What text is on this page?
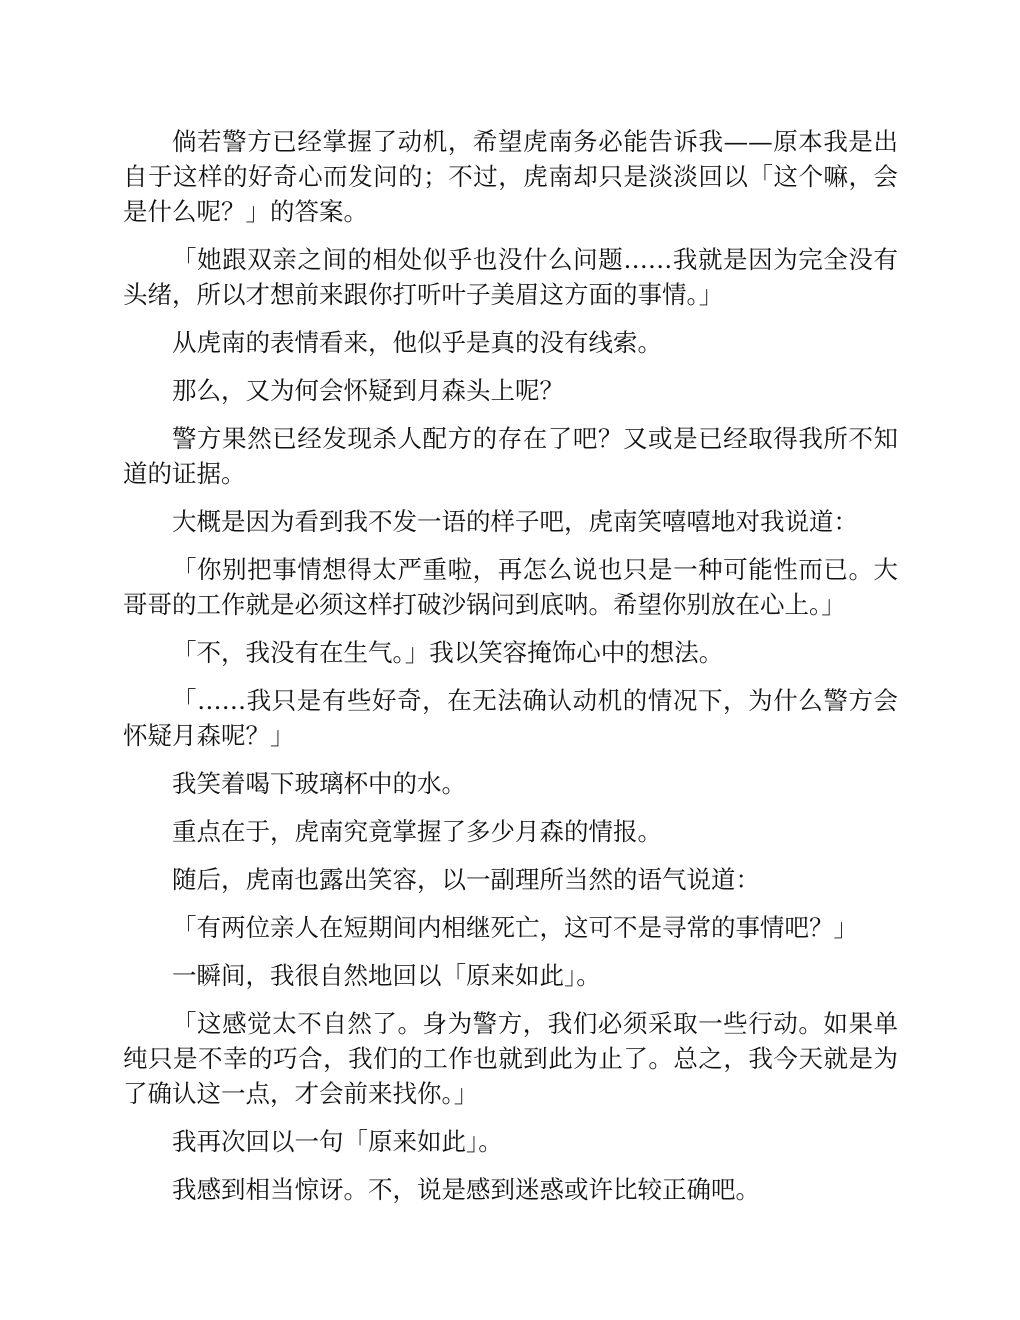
倘若警方已经掌握了动机，希望虎南务必能告诉我——原本我是出自于这样的好奇心而发问的；不过，虎南却只是淡淡回以「这个嘛，会是什么呢？」的答案。

「她跟双亲之间的相处似乎也没什么问题……我就是因为完全没有头绪，所以才想前来跟你打听叶子美眉这方面的事情。」

从虎南的表情看来，他似乎是真的没有线索。

那么，又为何会怀疑到月森头上呢？

警方果然已经发现杀人配方的存在了吧？又或是已经取得我所不知道的证据。

大概是因为看到我不发一语的样子吧，虎南笑嘻嘻地对我说道：

「你别把事情想得太严重啦，再怎么说也只是一种可能性而已。大哥哥的工作就是必须这样打破沙锅问到底呐。希望你别放在心上。」

「不，我没有在生气。」我以笑容掩饰心中的想法。

「……我只是有些好奇，在无法确认动机的情况下，为什么警方会怀疑月森呢？」

我笑着喝下玻璃杯中的水。

重点在于，虎南究竟掌握了多少月森的情报。

随后，虎南也露出笑容，以一副理所当然的语气说道：

「有两位亲人在短期间内相继死亡，这可不是寻常的事情吧？」

一瞬间，我很自然地回以「原来如此」。

「这感觉太不自然了。身为警方，我们必须采取一些行动。如果单纯只是不幸的巧合，我们的工作也就到此为止了。总之，我今天就是为了确认这一点，才会前来找你。」

我再次回以一句「原来如此」。

我感到相当惊讶。不，说是感到迷惑或许比较正确吧。
